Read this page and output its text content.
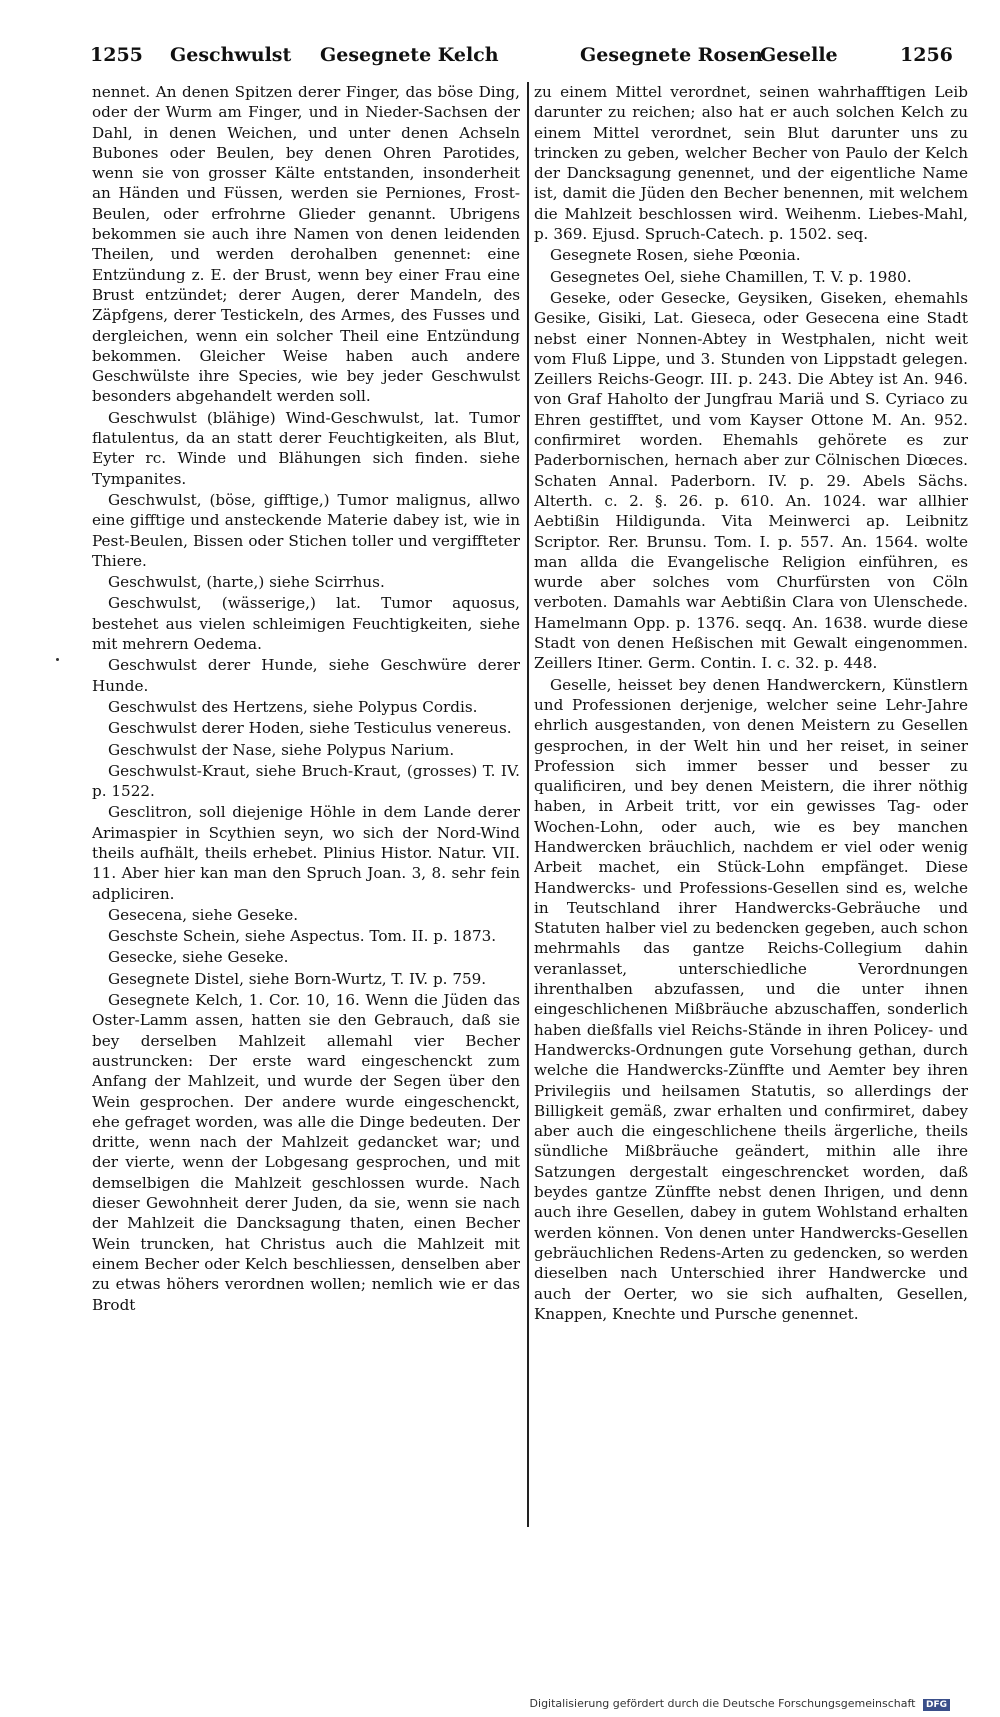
1255 Geschwulst Gesegnete Kelch	Gesegnete Rosen
Geselle	1256

nennet. An denen Spitzen derer Finger, das böse Ding, oder der Wurm am Finger, und in Nieder-Sachsen der Dahl, in denen Weichen, und unter denen Achseln Bubones oder Beulen, bey denen Ohren Parotides, wenn sie von grosser Kälte entstanden, insonderheit an Händen und Füssen, werden sie Perniones, Frost-Beulen, oder erfrohrne Glieder genannt. Ubrigens bekommen sie auch ihre Namen von denen leidenden Theilen, und werden derohalben genennet: eine Entzündung z. E. der Brust, wenn bey einer Frau eine Brust entzündet; derer Augen, derer Mandeln, des Zäpfgens, derer Testickeln, des Armes, des Fusses und dergleichen, wenn ein solcher Theil eine Entzündung bekommen. Gleicher Weise haben auch andere Geschwülste ihre Species, wie bey jeder Geschwulst besonders abgehandelt werden soll.

Geschwulst (blähige) Wind-Geschwulst, lat. Tumor flatulentus, da an statt derer Feuchtigkeiten, als Blut, Eyter rc. Winde und Blähungen sich finden. siehe Tympanites.

Geschwulst, (böse, gifftige,) Tumor malignus, allwo eine gifftige und ansteckende Materie dabey ist, wie in Pest-Beulen, Bissen oder Stichen toller und vergiffteter Thiere.

Geschwulst, (harte,) siehe Scirrhus.

Geschwulst, (wässerige,) lat. Tumor aquosus, bestehet aus vielen schleimigen Feuchtigkeiten, siehe mit mehrern Oedema.

Geschwulst derer Hunde, siehe Geschwüre derer Hunde.

Geschwulst des Hertzens, siehe Polypus Cordis.

Geschwulst derer Hoden, siehe Testiculus venereus.

Geschwulst der Nase, siehe Polypus Narium.

Geschwulst-Kraut, siehe Bruch-Kraut, (grosses) T. IV. p. 1522.

Gesclitron, soll diejenige Höhle in dem Lande derer Arimaspier in Scythien seyn, wo sich der Nord-Wind theils aufhält, theils erhebet. Plinius Histor. Natur. VII. 11. Aber hier kan man den Spruch Joan. 3, 8. sehr fein adpliciren.

Gesecena, siehe Geseke.

Geschste Schein, siehe Aspectus. Tom. II. p. 1873.

Gesecke, siehe Geseke.

Gesegnete Distel, siehe Born-Wurtz, T. IV. p. 759.

Gesegnete Kelch, 1. Cor. 10, 16. Wenn die Jüden das Oster-Lamm assen, hatten sie den Gebrauch, daß sie bey derselben Mahlzeit allemahl vier Becher austruncken: Der erste ward eingeschenckt zum Anfang der Mahlzeit, und wurde der Segen über den Wein gesprochen. Der andere wurde eingeschenckt, ehe gefraget worden, was alle die Dinge bedeuten. Der dritte, wenn nach der Mahlzeit gedancket war; und der vierte, wenn der Lobgesang gesprochen, und mit demselbigen die Mahlzeit geschlossen wurde. Nach dieser Gewohnheit derer Juden, da sie, wenn sie nach der Mahlzeit die Dancksagung thaten, einen Becher Wein truncken, hat Christus auch die Mahlzeit mit einem Becher oder Kelch beschliessen, denselben aber zu etwas höhers verordnen wollen; nemlich wie er das Brodt

zu einem Mittel verordnet, seinen wahrhafftigen Leib darunter zu reichen; also hat er auch solchen Kelch zu einem Mittel verordnet, sein Blut darunter uns zu trincken zu geben, welcher Becher von Paulo der Kelch der Dancksagung genennet, und der eigentliche Name ist, damit die Jüden den Becher benennen, mit welchem die Mahlzeit beschlossen wird. Weihenm. Liebes-Mahl, p. 369. Ejusd. Spruch-Catech. p. 1502. seq.

Gesegnete Rosen, siehe Pœonia.

Gesegnetes Oel, siehe Chamillen, T. V. p. 1980.

Geseke, oder Gesecke, Geysiken, Giseken, ehemahls Gesike, Gisiki, Lat. Gieseca, oder Gesecena eine Stadt nebst einer Nonnen-Abtey in Westphalen, nicht weit vom Fluß Lippe, und 3. Stunden von Lippstadt gelegen. Zeillers Reichs-Geogr. III. p. 243. Die Abtey ist An. 946. von Graf Haholto der Jungfrau Mariä und S. Cyriaco zu Ehren gestifftet, und vom Kayser Ottone M. An. 952. confirmiret worden. Ehemahls gehörete es zur Paderbornischen, hernach aber zur Cölnischen Diœces. Schaten Annal. Paderborn. IV. p. 29. Abels Sächs. Alterth. c. 2. §. 26. p. 610. An. 1024. war allhier Aebtißin Hildigunda. Vita Meinwerci ap. Leibnitz Scriptor. Rer. Brunsu. Tom. I. p. 557. An. 1564. wolte man allda die Evangelische Religion einführen, es wurde aber solches vom Churfürsten von Cöln verboten. Damahls war Aebtißin Clara von Ulenschede. Hamelmann Opp. p. 1376. seqq. An. 1638. wurde diese Stadt von denen Heßischen mit Gewalt eingenommen. Zeillers Itiner. Germ. Contin. I. c. 32. p. 448.

Geselle, heisset bey denen Handwerckern, Künstlern und Professionen derjenige, welcher seine Lehr-Jahre ehrlich ausgestanden, von denen Meistern zu Gesellen gesprochen, in der Welt hin und her reiset, in seiner Profession sich immer besser und besser zu qualificiren, und bey denen Meistern, die ihrer nöthig haben, in Arbeit tritt, vor ein gewisses Tag- oder Wochen-Lohn, oder auch, wie es bey manchen Handwercken bräuchlich, nachdem er viel oder wenig Arbeit machet, ein Stück-Lohn empfänget. Diese Handwercks- und Professions-Gesellen sind es, welche in Teutschland ihrer Handwercks-Gebräuche und Statuten halber viel zu bedencken gegeben, auch schon mehrmahls das gantze Reichs-Collegium dahin veranlasset, unterschiedliche Verordnungen ihrenthalben abzufassen, und die unter ihnen eingeschlichenen Mißbräuche abzuschaffen, sonderlich haben dießfalls viel Reichs-Stände in ihren Policey- und Handwercks-Ordnungen gute Vorsehung gethan, durch welche die Handwercks-Zünffte und Aemter bey ihren Privilegiis und heilsamen Statutis, so allerdings der Billigkeit gemäß, zwar erhalten und confirmiret, dabey aber auch die eingeschlichene theils ärgerliche, theils sündliche Mißbräuche geändert, mithin alle ihre Satzungen dergestalt eingeschrencket worden, daß beydes gantze Zünffte nebst denen Ihrigen, und denn auch ihre Gesellen, dabey in gutem Wohlstand erhalten werden können. Von denen unter Handwercks-Gesellen gebräuchlichen Redens-Arten zu gedencken, so werden dieselben nach Unterschied ihrer Handwercke und auch der Oerter, wo sie sich aufhalten, Gesellen, Knappen, Knechte und Pursche genennet.

Digitalisierung gefördert durch die Deutsche Forschungsgemeinschaft DFG
